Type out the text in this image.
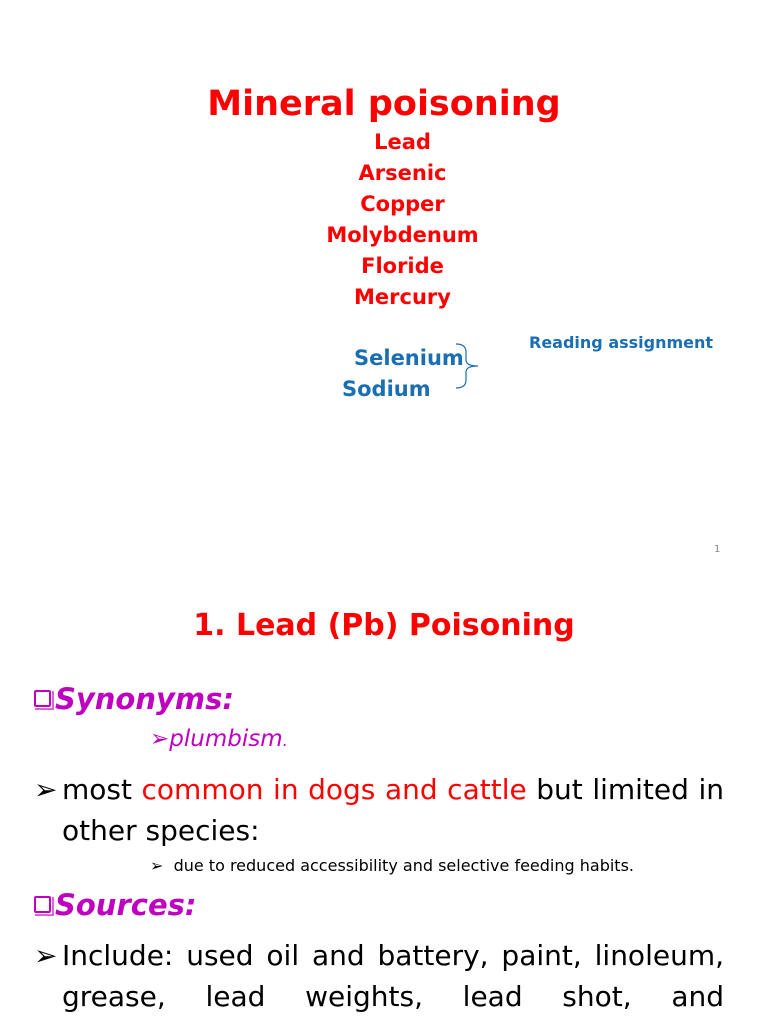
Mineral poisoning
Lead
Arsenic
Copper
Molybdenum
Floride
Mercury
Selenium
Sodium
Reading assignment
1
1. Lead (Pb) Poisoning
Synonyms:
➢plumbism.
➢ most common in dogs and cattle but limited in other species:
➢ due to reduced accessibility and selective feeding habits.
Sources:
➢ Include: used oil and battery, paint, linoleum, grease, lead weights, lead shot, and
